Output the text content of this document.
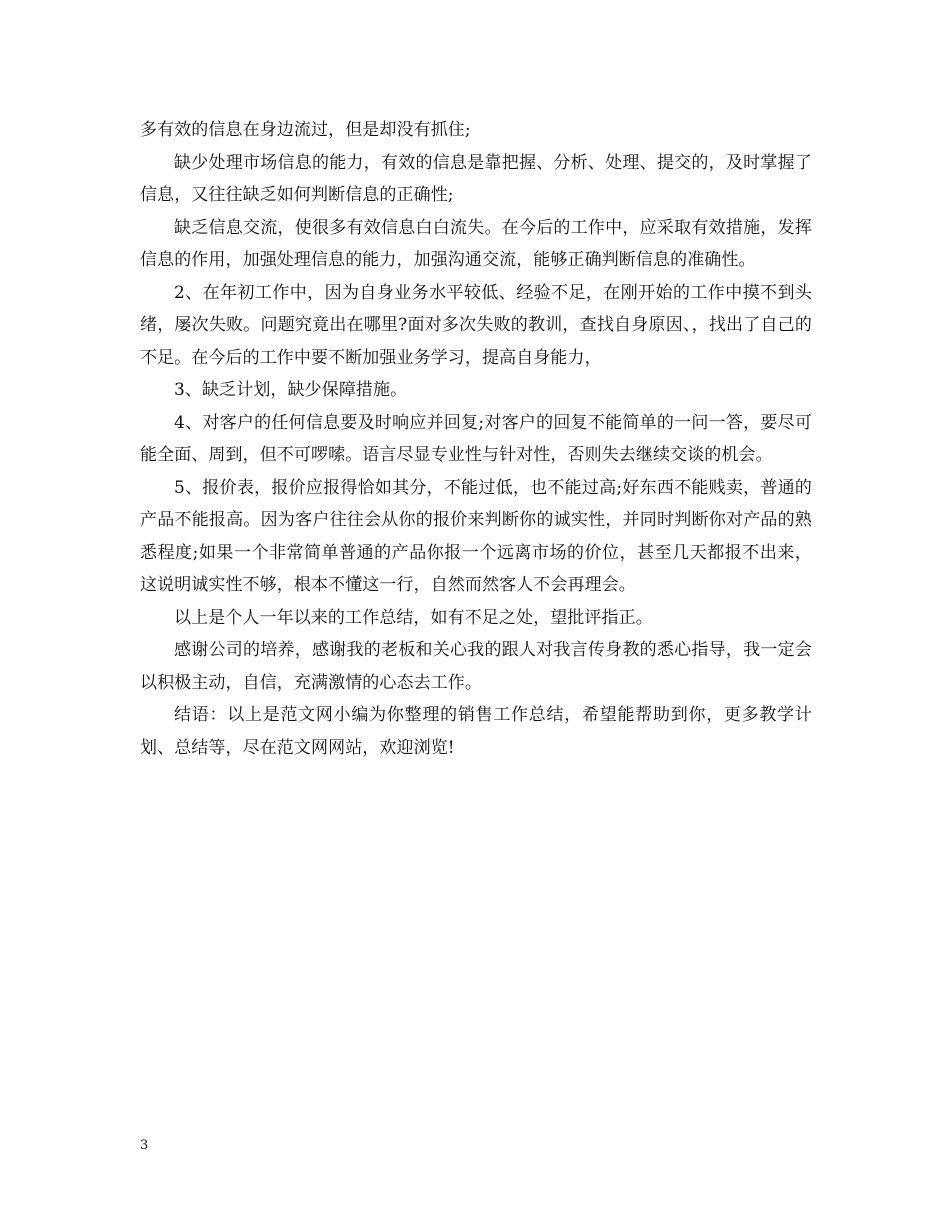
多有效的信息在身边流过，但是却没有抓住;

缺少处理市场信息的能力，有效的信息是靠把握、分析、处理、提交的，及时掌握了信息，又往往缺乏如何判断信息的正确性;

缺乏信息交流，使很多有效信息白白流失。在今后的工作中，应采取有效措施，发挥信息的作用，加强处理信息的能力，加强沟通交流，能够正确判断信息的准确性。

2、在年初工作中，因为自身业务水平较低、经验不足，在刚开始的工作中摸不到头绪，屡次失败。问题究竟出在哪里?面对多次失败的教训，查找自身原因、，找出了自己的不足。在今后的工作中要不断加强业务学习，提高自身能力，

3、缺乏计划，缺少保障措施。

4、对客户的任何信息要及时响应并回复;对客户的回复不能简单的一问一答，要尽可能全面、周到，但不可啰嗦。语言尽显专业性与针对性，否则失去继续交谈的机会。

5、报价表，报价应报得恰如其分，不能过低，也不能过高;好东西不能贱卖，普通的产品不能报高。因为客户往往会从你的报价来判断你的诚实性，并同时判断你对产品的熟悉程度;如果一个非常简单普通的产品你报一个远离市场的价位，甚至几天都报不出来，这说明诚实性不够，根本不懂这一行，自然而然客人不会再理会。

以上是个人一年以来的工作总结，如有不足之处，望批评指正。

感谢公司的培养，感谢我的老板和关心我的跟人对我言传身教的悉心指导，我一定会以积极主动，自信，充满激情的心态去工作。

结语：以上是范文网小编为你整理的销售工作总结，希望能帮助到你，更多教学计划、总结等，尽在范文网网站，欢迎浏览!

3
